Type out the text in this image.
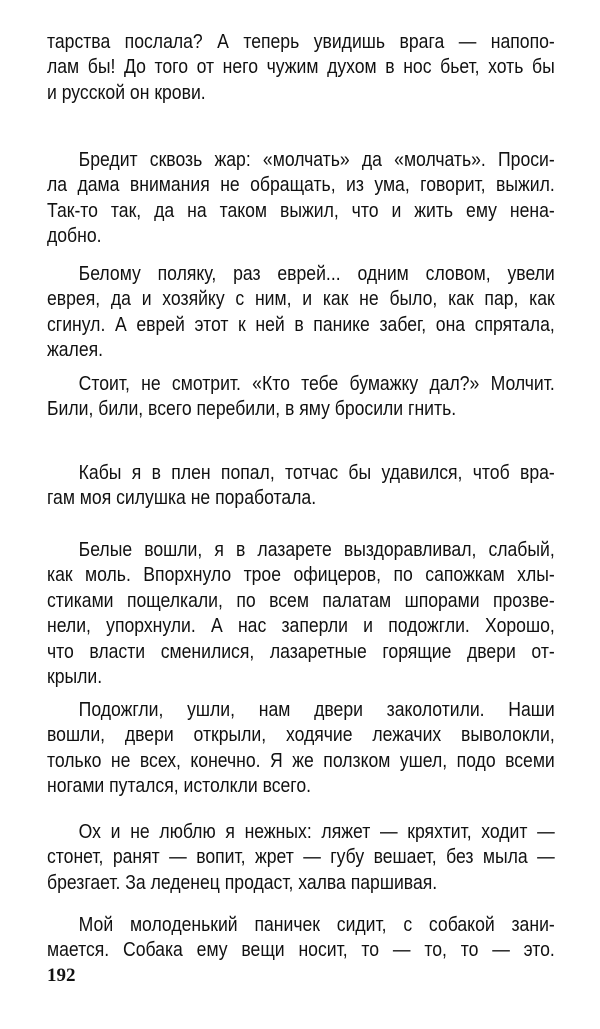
тарства послала? А теперь увидишь врага — напопо-
лам бы! До того от него чужим духом в нос бьет, хоть бы
и русской он крови.
Бредит сквозь жар: «молчать» да «молчать». Проси-
ла дама внимания не обращать, из ума, говорит, выжил.
Так-то так, да на таком выжил, что и жить ему нена-
добно.
Белому поляку, раз еврей... одним словом, увели
еврея, да и хозяйку с ним, и как не было, как пар, как
сгинул. А еврей этот к ней в панике забег, она спрятала,
жалея.
Стоит, не смотрит. «Кто тебе бумажку дал?» Молчит.
Били, били, всего перебили, в яму бросили гнить.
Кабы я в плен попал, тотчас бы удавился, чтоб вра-
гам моя силушка не поработала.
Белые вошли, я в лазарете выздоравливал, слабый,
как моль. Впорхнуло трое офицеров, по сапожкам хлы-
стиками пощелкали, по всем палатам шпорами прозве-
нели, упорхнули. А нас заперли и подожгли. Хорошо,
что власти сменилися, лазаретные горящие двери от-
крыли.
Подожгли, ушли, нам двери заколотили. Наши
вошли, двери открыли, ходячие лежачих выволокли,
только не всех, конечно. Я же ползком ушел, подо всеми
ногами путался, истолкли всего.
Ох и не люблю я нежных: ляжет — кряхтит, ходит —
стонет, ранят — вопит, жрет — губу вешает, без мыла —
брезгает. За леденец продаст, халва паршивая.
Мой молоденький паничек сидит, с собакой зани-
мается. Собака ему вещи носит, то — то, то — это.
192
